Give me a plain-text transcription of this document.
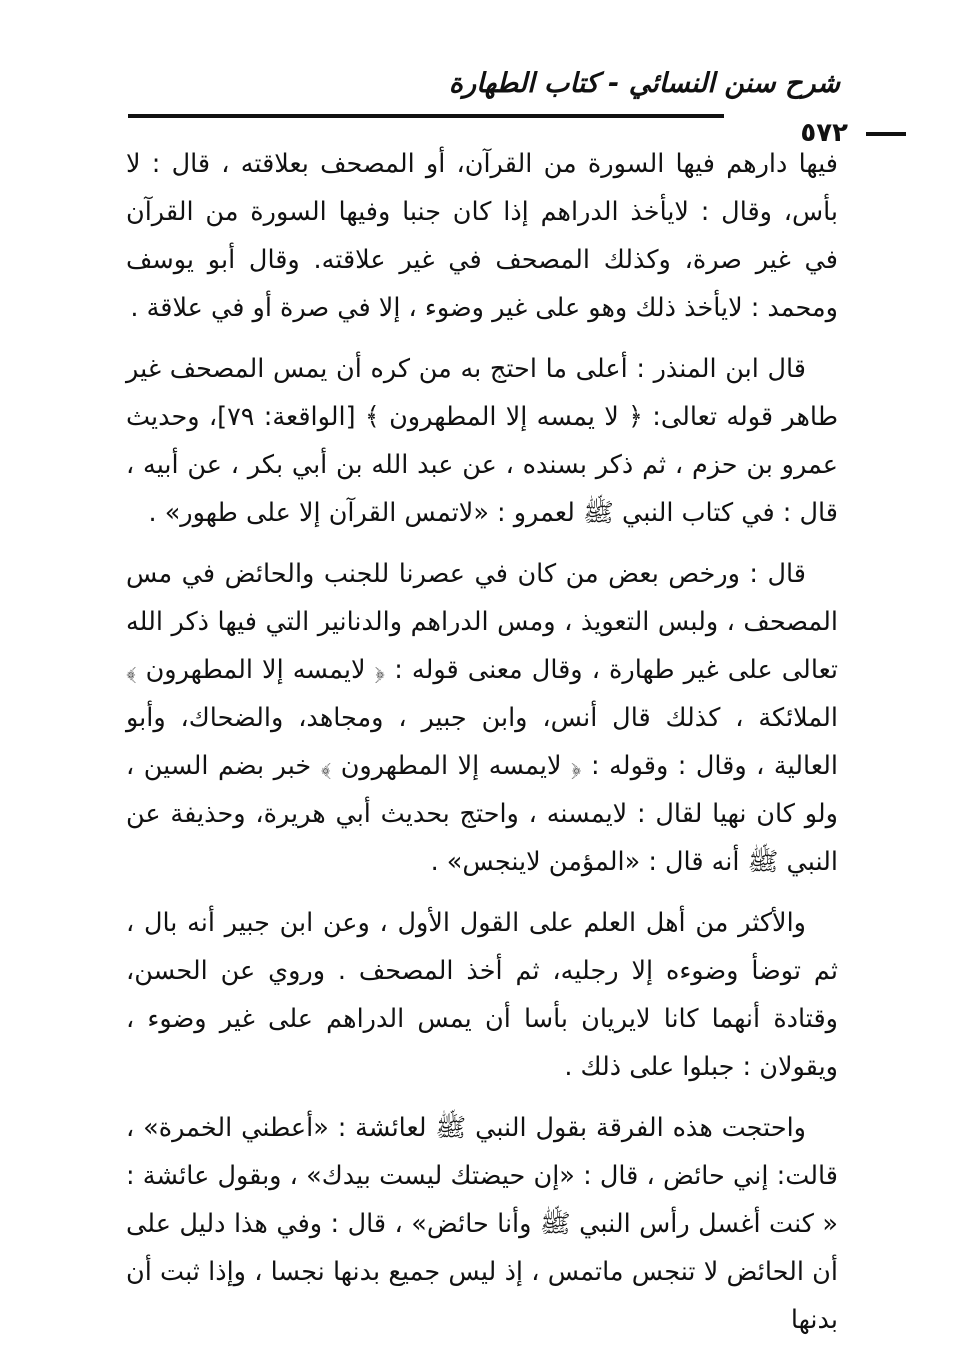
شرح سنن النسائي - كتاب الطهارة
٥٧٢

فيها دارهم فيها السورة من القرآن، أو المصحف بعلاقته ، قال : لا بأس، وقال : لايأخذ الدراهم إذا كان جنبا وفيها السورة من القرآن في غير صرة، وكذلك المصحف في غير علاقته. وقال أبو يوسف ومحمد : لايأخذ ذلك وهو على غير وضوء ، إلا في صرة أو في علاقة .

قال ابن المنذر : أعلى ما احتج به من كره أن يمس المصحف غير طاهر قوله تعالى: ﴿ لا يمسه إلا المطهرون ﴾ [الواقعة: ٧٩]، وحديث عمرو بن حزم ، ثم ذكر بسنده ، عن عبد الله بن أبي بكر ، عن أبيه ، قال : في كتاب النبي ﷺ لعمرو : «لاتمس القرآن إلا على طهور» .

قال : ورخص بعض من كان في عصرنا للجنب والحائض في مس المصحف ، ولبس التعويذ ، ومس الدراهم والدنانير التي فيها ذكر الله تعالى على غير طهارة ، وقال معنى قوله : ﴿ لايمسه إلا المطهرون ﴾ الملائكة ، كذلك قال أنس، وابن جبير ، ومجاهد، والضحاك، وأبو العالية ، وقال : وقوله : ﴿ لايمسه إلا المطهرون ﴾ خبر بضم السين ، ولو كان نهيا لقال : لايمسنه ، واحتج بحديث أبي هريرة، وحذيفة عن النبي ﷺ أنه قال : «المؤمن لاينجس» .

والأكثر من أهل العلم على القول الأول ، وعن ابن جبير أنه بال ، ثم توضأ وضوءه إلا رجليه، ثم أخذ المصحف . وروي عن الحسن، وقتادة أنهما كانا لايريان بأسا أن يمس الدراهم على غير وضوء ، ويقولان : جبلوا على ذلك .

واحتجت هذه الفرقة بقول النبي ﷺ لعائشة : «أعطني الخمرة» ، قالت: إني حائض ، قال : «إن حيضتك ليست بيدك» ، وبقول عائشة : « كنت أغسل رأس النبي ﷺ وأنا حائض» ، قال : وفي هذا دليل على أن الحائض لا تنجس ماتمس ، إذ ليس جميع بدنها نجسا ، وإذا ثبت أن بدنها
